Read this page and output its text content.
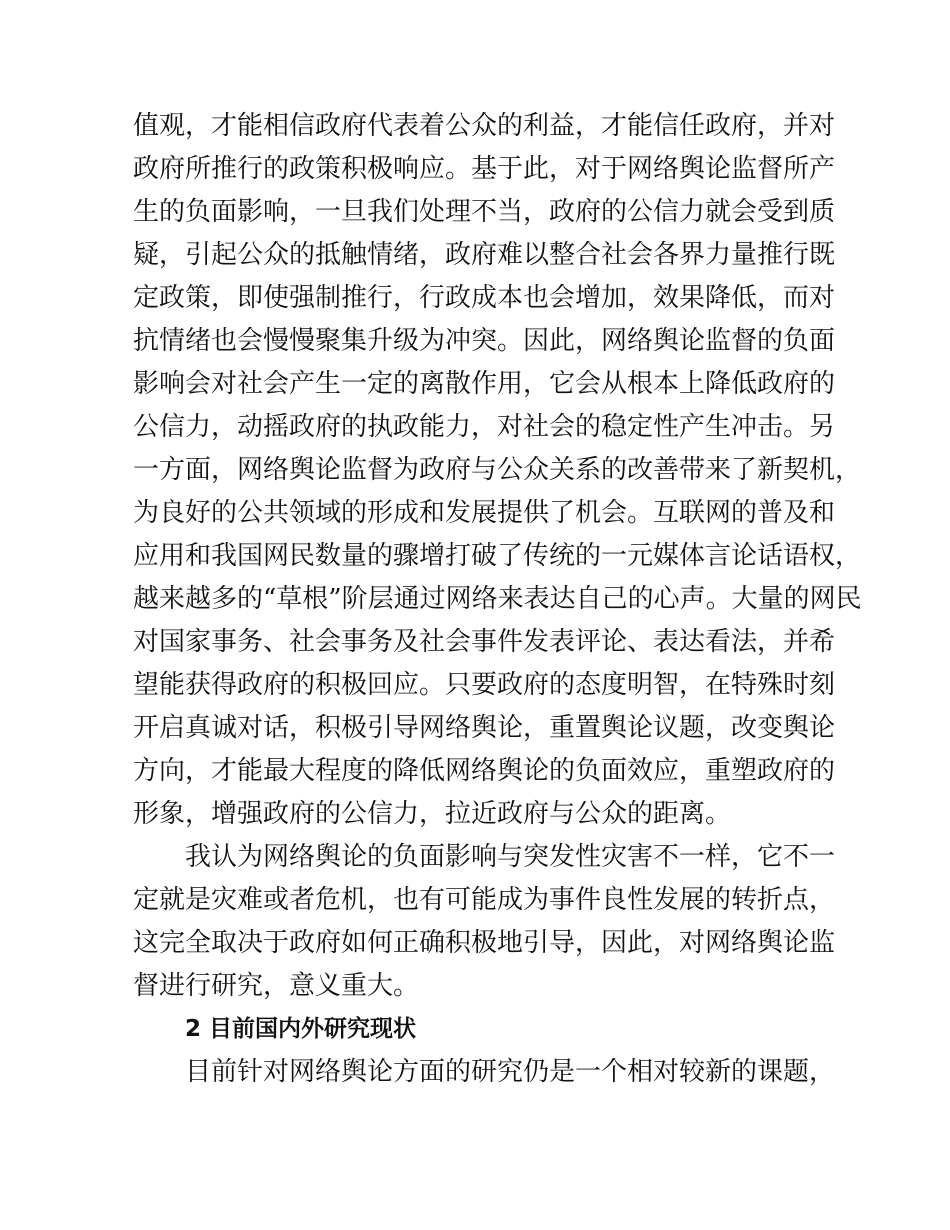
值观，才能相信政府代表着公众的利益，才能信任政府，并对

政府所推行的政策积极响应。基于此，对于网络舆论监督所产

生的负面影响，一旦我们处理不当，政府的公信力就会受到质

疑，引起公众的抵触情绪，政府难以整合社会各界力量推行既

定政策，即使强制推行，行政成本也会增加，效果降低，而对

抗情绪也会慢慢聚集升级为冲突。因此，网络舆论监督的负面

影响会对社会产生一定的离散作用，它会从根本上降低政府的

公信力，动摇政府的执政能力，对社会的稳定性产生冲击。另

一方面，网络舆论监督为政府与公众关系的改善带来了新契机，

为良好的公共领域的形成和发展提供了机会。互联网的普及和

应用和我国网民数量的骤增打破了传统的一元媒体言论话语权，

越来越多的“草根”阶层通过网络来表达自己的心声。大量的网民

对国家事务、社会事务及社会事件发表评论、表达看法，并希

望能获得政府的积极回应。只要政府的态度明智，在特殊时刻

开启真诚对话，积极引导网络舆论，重置舆论议题，改变舆论

方向，才能最大程度的降低网络舆论的负面效应，重塑政府的

形象，增强政府的公信力，拉近政府与公众的距离。

我认为网络舆论的负面影响与突发性灾害不一样，它不一

定就是灾难或者危机，也有可能成为事件良性发展的转折点，

这完全取决于政府如何正确积极地引导，因此，对网络舆论监

督进行研究，意义重大。

2 目前国内外研究现状

目前针对网络舆论方面的研究仍是一个相对较新的课题，
